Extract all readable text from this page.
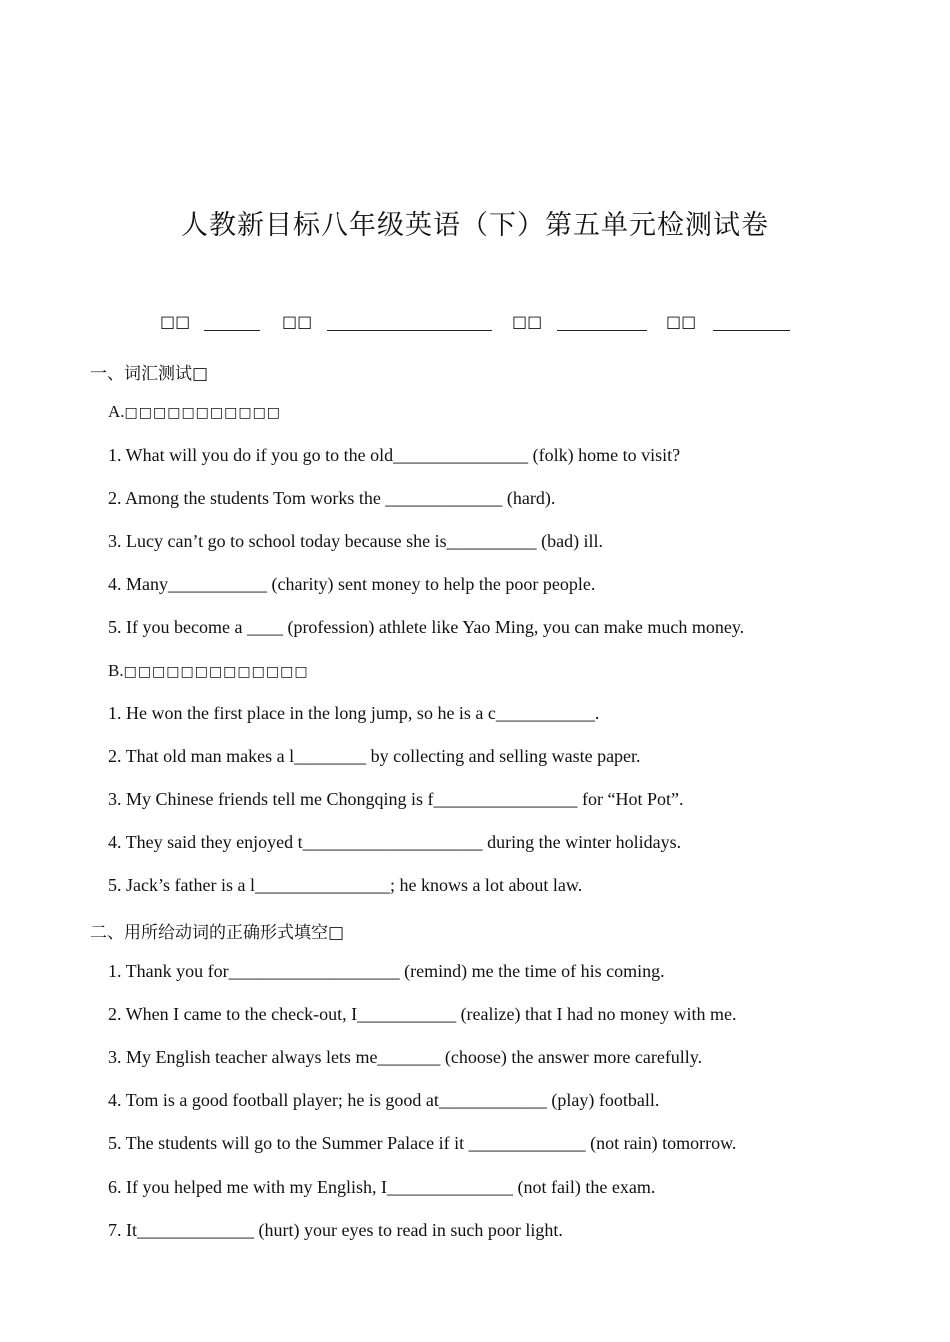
人教新目标八年级英语（下）第五单元检测试卷
□□	□□	□□	□□
一、词汇测试□
A.□□□□□□□□□□□
1. What will you do if you go to the old_______________ (folk) home to visit?
2. Among the students Tom works the _____________ (hard).
3. Lucy can’t go to school today because she is__________ (bad) ill.
4. Many___________ (charity) sent money to help the poor people.
5. If you become a ____ (profession) athlete like Yao Ming, you can make much money.
B.□□□□□□□□□□□□□
1. He won the first place in the long jump, so he is a c___________.
2. That old man makes a l________ by collecting and selling waste paper.
3. My Chinese friends tell me Chongqing is f________________ for “Hot Pot”.
4. They said they enjoyed t____________________ during the winter holidays.
5. Jack’s father is a l_______________; he knows a lot about law.
二、用所给动词的正确形式填空□
1. Thank you for___________________ (remind) me the time of his coming.
2. When I came to the check-out, I___________ (realize) that I had no money with me.
3. My English teacher always lets me_______ (choose) the answer more carefully.
4. Tom is a good football player; he is good at____________ (play) football.
5. The students will go to the Summer Palace if it _____________ (not rain) tomorrow.
6. If you helped me with my English, I______________ (not fail) the exam.
7. It_____________ (hurt) your eyes to read in such poor light.
